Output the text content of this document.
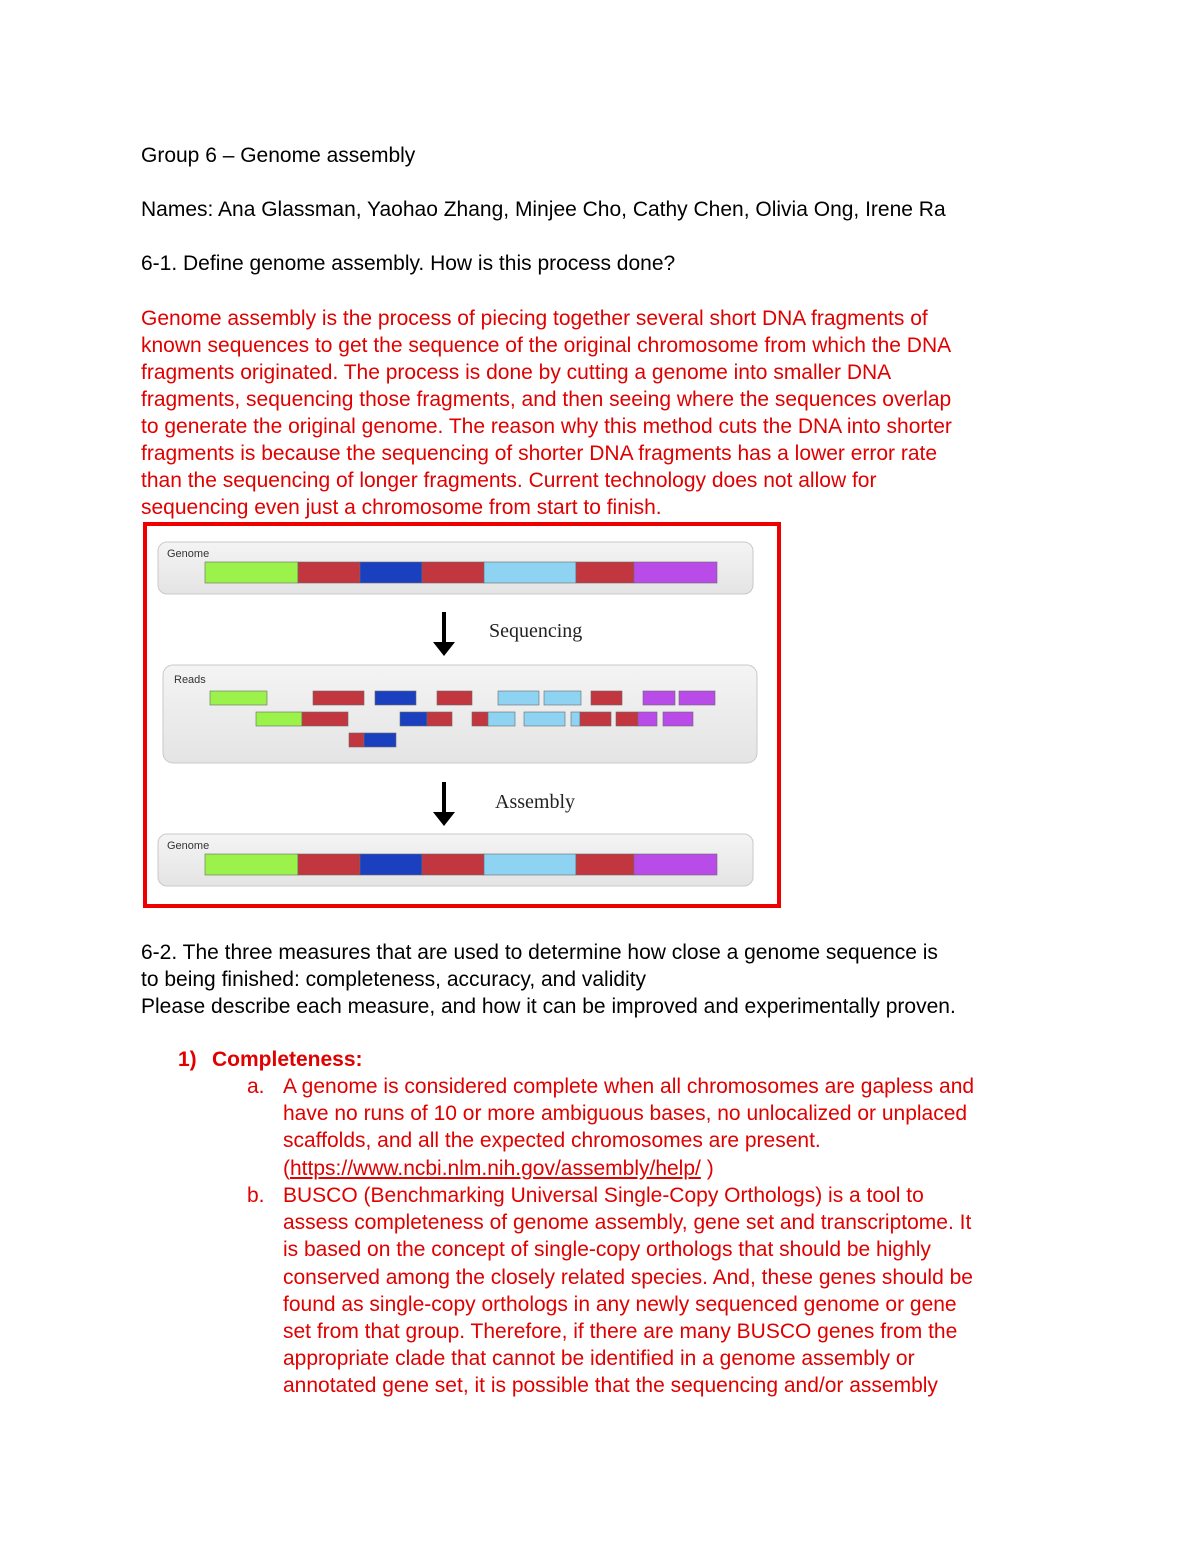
Group 6 – Genome assembly

Names: Ana Glassman, Yaohao Zhang, Minjee Cho, Cathy Chen, Olivia Ong, Irene Ra

6-1. Define genome assembly. How is this process done?

Genome assembly is the process of piecing together several short DNA fragments of
known sequences to get the sequence of the original chromosome from which the DNA
fragments originated. The process is done by cutting a genome into smaller DNA
fragments, sequencing those fragments, and then seeing where the sequences overlap
to generate the original genome. The reason why this method cuts the DNA into shorter
fragments is because the sequencing of shorter DNA fragments has a lower error rate
than the sequencing of longer fragments. Current technology does not allow for
sequencing even just a chromosome from start to finish.
Genome
Sequencing
Reads
Assembly
Genome
6-2. The three measures that are used to determine how close a genome sequence is
to being finished: completeness, accuracy, and validity
Please describe each measure, and how it can be improved and experimentally proven.
1) Completeness:
a. A genome is considered complete when all chromosomes are gapless and
have no runs of 10 or more ambiguous bases, no unlocalized or unplaced
scaffolds, and all the expected chromosomes are present.
(https://www.ncbi.nlm.nih.gov/assembly/help/ )
b. BUSCO (Benchmarking Universal Single-Copy Orthologs) is a tool to
assess completeness of genome assembly, gene set and transcriptome. It
is based on the concept of single-copy orthologs that should be highly
conserved among the closely related species. And, these genes should be
found as single-copy orthologs in any newly sequenced genome or gene
set from that group. Therefore, if there are many BUSCO genes from the
appropriate clade that cannot be identified in a genome assembly or
annotated gene set, it is possible that the sequencing and/or assembly
